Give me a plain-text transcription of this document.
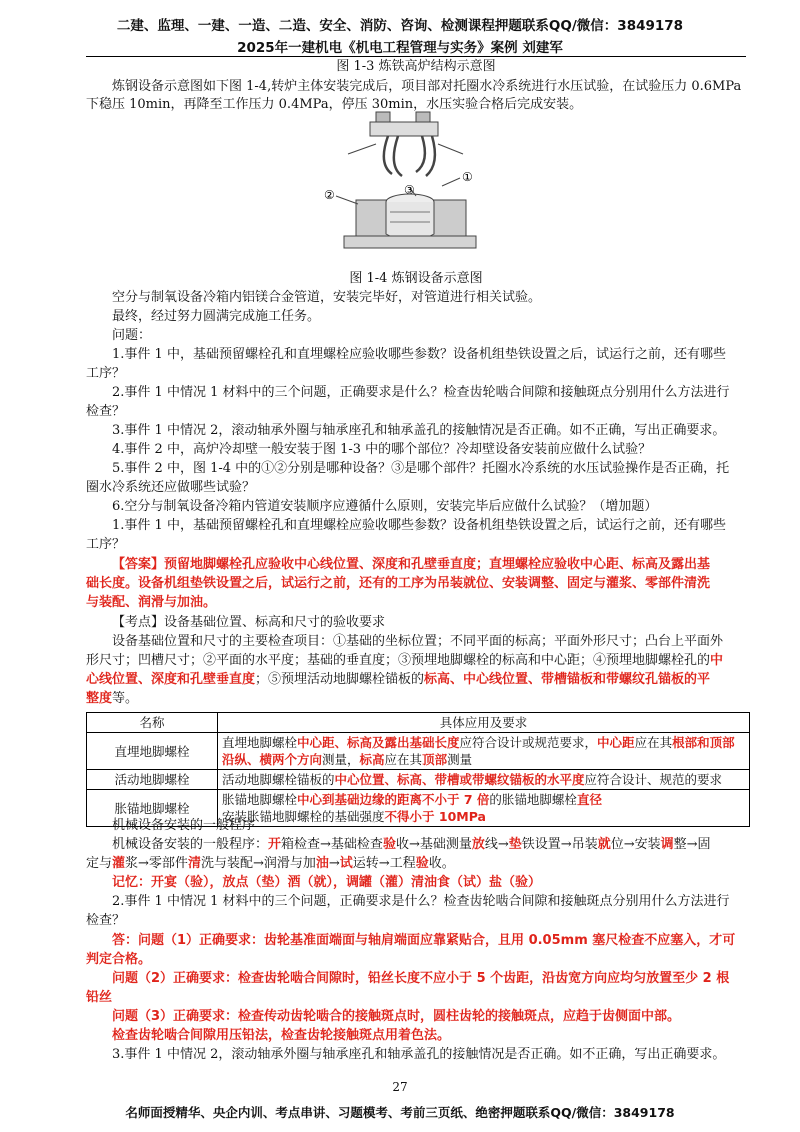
二建、监理、一建、一造、二造、安全、消防、咨询、检测课程押题联系QQ/微信：3849178
2025年一建机电《机电工程管理与实务》案例 刘建军
图 1-3 炼铁高炉结构示意图
炼钢设备示意图如下图 1-4,转炉主体安装完成后，项目部对托圈水冷系统进行水压试验，在试验压力 0.6MPa
下稳压 10min，再降至工作压力 0.4MPa，停压 30min，水压实验合格后完成安装。
①
②	③
图 1-4 炼钢设备示意图
空分与制氧设备冷箱内铝镁合金管道，安装完毕好，对管道进行相关试验。
最终，经过努力圆满完成施工任务。
问题：
1.事件 1 中，基础预留螺栓孔和直埋螺栓应验收哪些参数？设备机组垫铁设置之后，试运行之前，还有哪些
工序？
2.事件 1 中情况 1 材料中的三个问题，正确要求是什么？检查齿轮啮合间隙和接触斑点分别用什么方法进行
检查？
3.事件 1 中情况 2，滚动轴承外圈与轴承座孔和轴承盖孔的接触情况是否正确。如不正确，写出正确要求。
4.事件 2 中，高炉冷却壁一般安装于图 1-3 中的哪个部位？冷却壁设备安装前应做什么试验？
5.事件 2 中，图 1-4 中的①②分别是哪种设备？③是哪个部件？托圈水冷系统的水压试验操作是否正确，托
圈水冷系统还应做哪些试验？
6.空分与制氧设备冷箱内管道安装顺序应遵循什么原则，安装完毕后应做什么试验？（增加题）
1.事件 1 中，基础预留螺栓孔和直埋螺栓应验收哪些参数？设备机组垫铁设置之后，试运行之前，还有哪些
工序？
【答案】预留地脚螺栓孔应验收中心线位置、深度和孔壁垂直度；直埋螺栓应验收中心距、标高及露出基
础长度。设备机组垫铁设置之后，试运行之前，还有的工序为吊装就位、安装调整、固定与灌浆、零部件清洗
与装配、润滑与加油。
【考点】设备基础位置、标高和尺寸的验收要求
设备基础位置和尺寸的主要检查项目：①基础的坐标位置；不同平面的标高；平面外形尺寸；凸台上平面外
形尺寸；凹槽尺寸；②平面的水平度；基础的垂直度；③预埋地脚螺栓的标高和中心距；④预埋地脚螺栓孔的中
心线位置、深度和孔壁垂直度；⑤预埋活动地脚螺栓锚板的标高、中心线位置、带槽锚板和带螺纹孔锚板的平
名称	具体应用及要求
直埋地脚螺栓	直埋地脚螺栓中心距、标高及露出基础长度应符合设计或规范要求，中心距应在其根部和顶部
沿纵、横两个方向测量，标高应在其顶部测量
活动地脚螺栓	活动地脚螺栓锚板的中心位置、标高、带槽或带螺纹锚板的水平度应符合设计、规范的要求
胀锚地脚螺栓	胀锚地脚螺栓中心到基础边缘的距离不小于 7 倍的胀锚地脚螺栓直径
安装胀锚地脚螺栓的基础强度不得小于 10MPa
整度等。
机械设备安装的一般程序
机械设备安装的一般程序：开箱检查→基础检查验收→基础测量放线→垫铁设置→吊装就位→安装调整→固
定与灌浆→零部件清洗与装配→润滑与加油→试运转→工程验收。
记忆：开宴（验），放点（垫）酒（就），调罐（灌）清油食（试）盐（验）
2.事件 1 中情况 1 材料中的三个问题，正确要求是什么？检查齿轮啮合间隙和接触斑点分别用什么方法进行
检查？
答：问题（1）正确要求：齿轮基准面端面与轴肩端面应靠紧贴合，且用 0.05mm 塞尺检查不应塞入，才可
判定合格。
问题（2）正确要求：检查齿轮啮合间隙时，铅丝长度不应小于 5 个齿距，沿齿宽方向应均匀放置至少 2 根
铅丝
问题（3）正确要求：检查传动齿轮啮合的接触斑点时，圆柱齿轮的接触斑点，应趋于齿侧面中部。
检查齿轮啮合间隙用压铅法，检查齿轮接触斑点用着色法。
3.事件 1 中情况 2，滚动轴承外圈与轴承座孔和轴承盖孔的接触情况是否正确。如不正确，写出正确要求。
27
名师面授精华、央企内训、考点串讲、习题模考、考前三页纸、绝密押题联系QQ/微信：3849178
